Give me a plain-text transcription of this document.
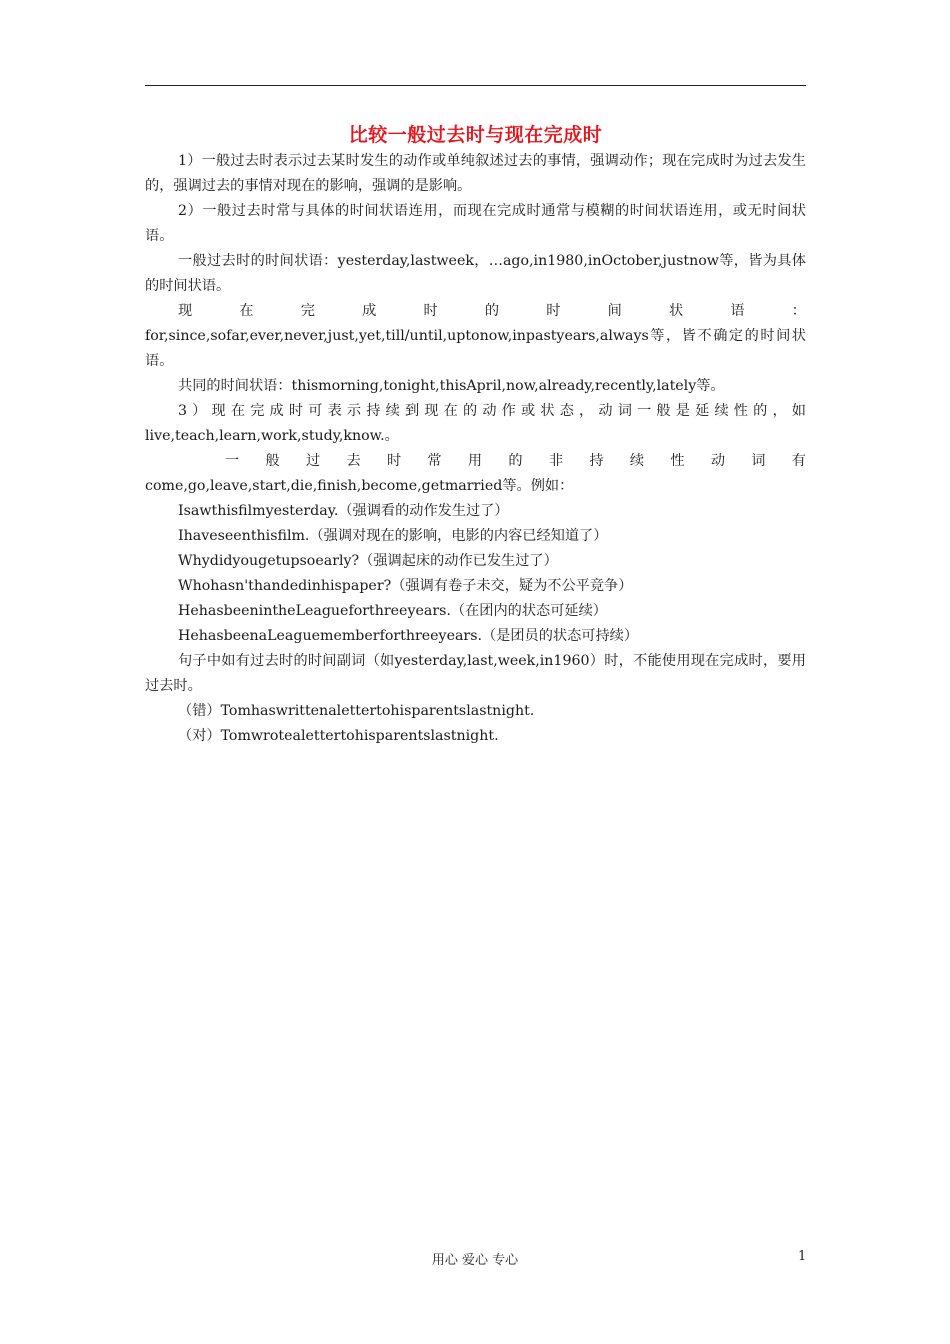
比较一般过去时与现在完成时

1）一般过去时表示过去某时发生的动作或单纯叙述过去的事情，强调动作；现在完成时为过去发生的，强调过去的事情对现在的影响，强调的是影响。

2）一般过去时常与具体的时间状语连用，而现在完成时通常与模糊的时间状语连用，或无时间状语。

一般过去时的时间状语：yesterday,lastweek，…ago,in1980,inOctober,justnow等，皆为具体的时间状语。

现在完成时的时间状语：for,since,sofar,ever,never,just,yet,till/until,uptonow,inpastyears,always等，皆不确定的时间状语。

共同的时间状语：thismorning,tonight,thisApril,now,already,recently,lately等。

3）现在完成时可表示持续到现在的动作或状态，动词一般是延续性的，如live,teach,learn,work,study,know.。

一般过去时常用的非持续性动词有

come,go,leave,start,die,finish,become,getmarried等。例如：

Isawthisfilmyesterday.（强调看的动作发生过了）

Ihaveseenthisfilm.（强调对现在的影响，电影的内容已经知道了）

Whydidyougetupsoearly?（强调起床的动作已发生过了）

Whohasn'thandedinhispaper?（强调有卷子未交，疑为不公平竞争）

HehasbeenintheLeagueforthreeyears.（在团内的状态可延续）

HehasbeenaLeaguememberforthreeyears.（是团员的状态可持续）

句子中如有过去时的时间副词（如yesterday,last,week,in1960）时，不能使用现在完成时，要用过去时。

（错）Tomhaswrittenalettertohisparentslastnight.

（对）Tomwrotealettertohisparentslastnight.

用心 爱心 专心	1
